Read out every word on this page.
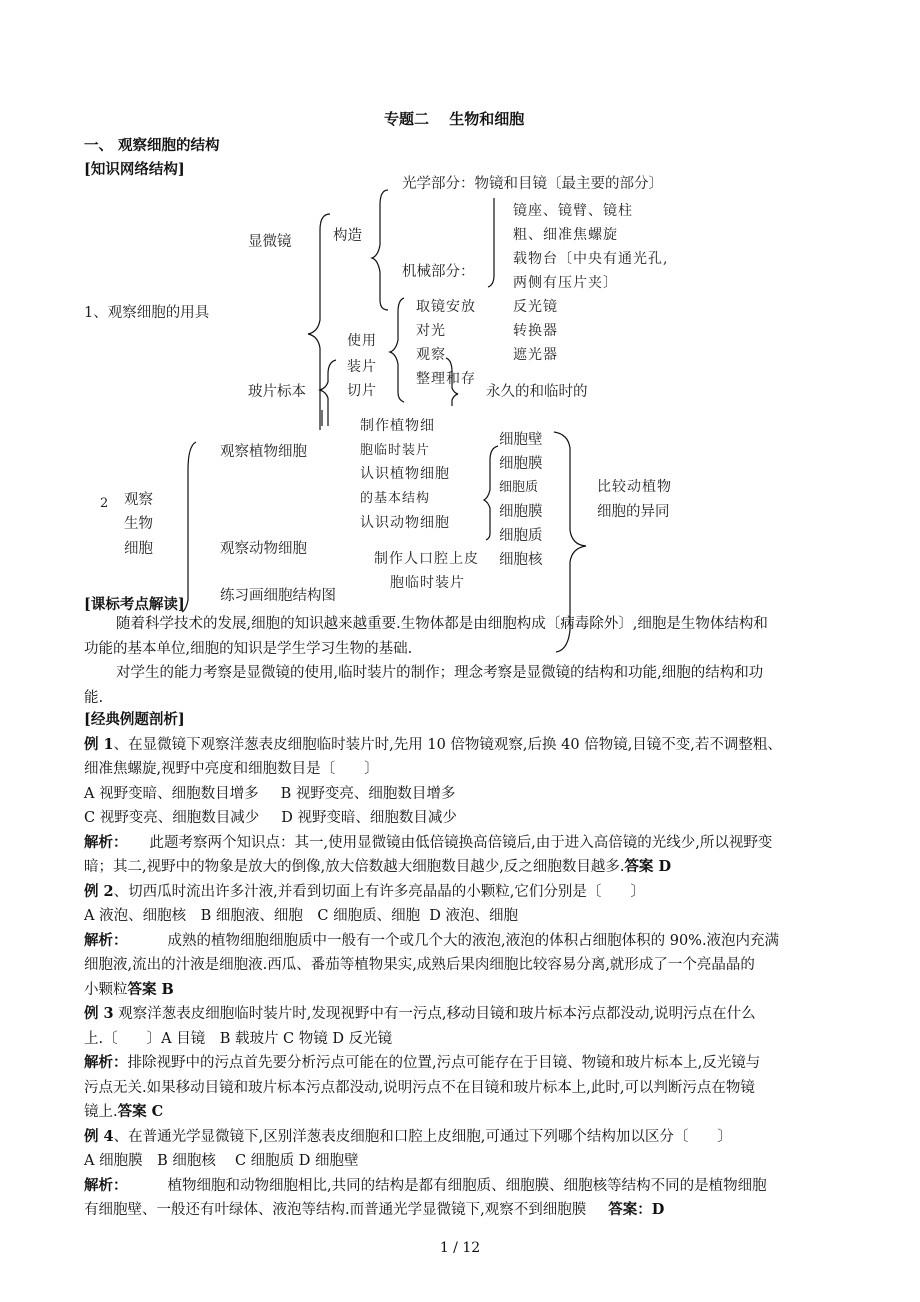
专题二　 生物和细胞
一、 观察细胞的结构
[知识网络结构]
1、观察细胞的用具
显微镜	构造
光学部分：物镜和目镜〔最主要的部分〕
机械部分：
镜座、镜臂、镜柱
粗、细准焦螺旋
载物台〔中央有通光孔,
两侧有压片夹〕
取镜安放
对光
观察
整理和存
反光镜
转换器
遮光器
使用
装片
切片
玻片标本	永久的和临时的
2 观察
生物
细胞
观察植物细胞
观察动物细胞
练习画细胞结构图
制作植物细
胞临时装片
认识植物细胞
的基本结构
认识动物细胞
制作人口腔上皮
胞临时装片
细胞壁
细胞膜
细胞质
细胞膜
细胞质
细胞核
比较动植物
细胞的异同
[课标考点解读]
随着科学技术的发展,细胞的知识越来越重要.生物体都是由细胞构成〔病毒除外〕,细胞是生物体结构和
功能的基本单位,细胞的知识是学生学习生物的基础.
对学生的能力考察是显微镜的使用,临时装片的制作；理念考察是显微镜的结构和功能,细胞的结构和功
能.
[经典例题剖析]
例 1、在显微镜下观察洋葱表皮细胞临时装片时,先用 10 倍物镜观察,后换 40 倍物镜,目镜不变,若不调整粗、
细准焦螺旋,视野中亮度和细胞数目是〔　　〕
A 视野变暗、细胞数目增多 B 视野变亮、细胞数目增多
C 视野变亮、细胞数目减少 D 视野变暗、细胞数目减少
解析： 此题考察两个知识点：其一,使用显微镜由低倍镜换高倍镜后,由于进入高倍镜的光线少,所以视野变
暗；其二,视野中的物象是放大的倒像,放大倍数越大细胞数目越少,反之细胞数目越多.答案 D
例 2、切西瓜时流出许多汁液,并看到切面上有许多亮晶晶的小颗粒,它们分别是〔　　〕
A 液泡、细胞核　 B 细胞液、细胞　 C 细胞质、细胞 D 液泡、细胞
解析：	成熟的植物细胞细胞质中一般有一个或几个大的液泡,液泡的体积占细胞体积的 90%.液泡内充满
细胞液,流出的汁液是细胞液.西瓜、番茄等植物果实,成熟后果肉细胞比较容易分离,就形成了一个亮晶晶的
小颗粒答案 B
例 3 观察洋葱表皮细胞临时装片时,发现视野中有一污点,移动目镜和玻片标本污点都没动,说明污点在什么
上.〔　　〕A 目镜　B 载玻片 C 物镜 D 反光镜
解析：排除视野中的污点首先要分析污点可能在的位置,污点可能存在于目镜、物镜和玻片标本上,反光镜与
污点无关.如果移动目镜和玻片标本污点都没动,说明污点不在目镜和玻片标本上,此时,可以判断污点在物镜
镜上.答案 C
例 4、在普通光学显微镜下,区别洋葱表皮细胞和口腔上皮细胞,可通过下列哪个结构加以区分〔　　〕
A 细胞膜　 B 细胞核　 C 细胞质 D 细胞壁
解析：	植物细胞和动物细胞相比,共同的结构是都有细胞质、细胞膜、细胞核等结构不同的是植物细胞
有细胞壁、一般还有叶绿体、液泡等结构.而普通光学显微镜下,观察不到细胞膜 答案：D
1 / 12
